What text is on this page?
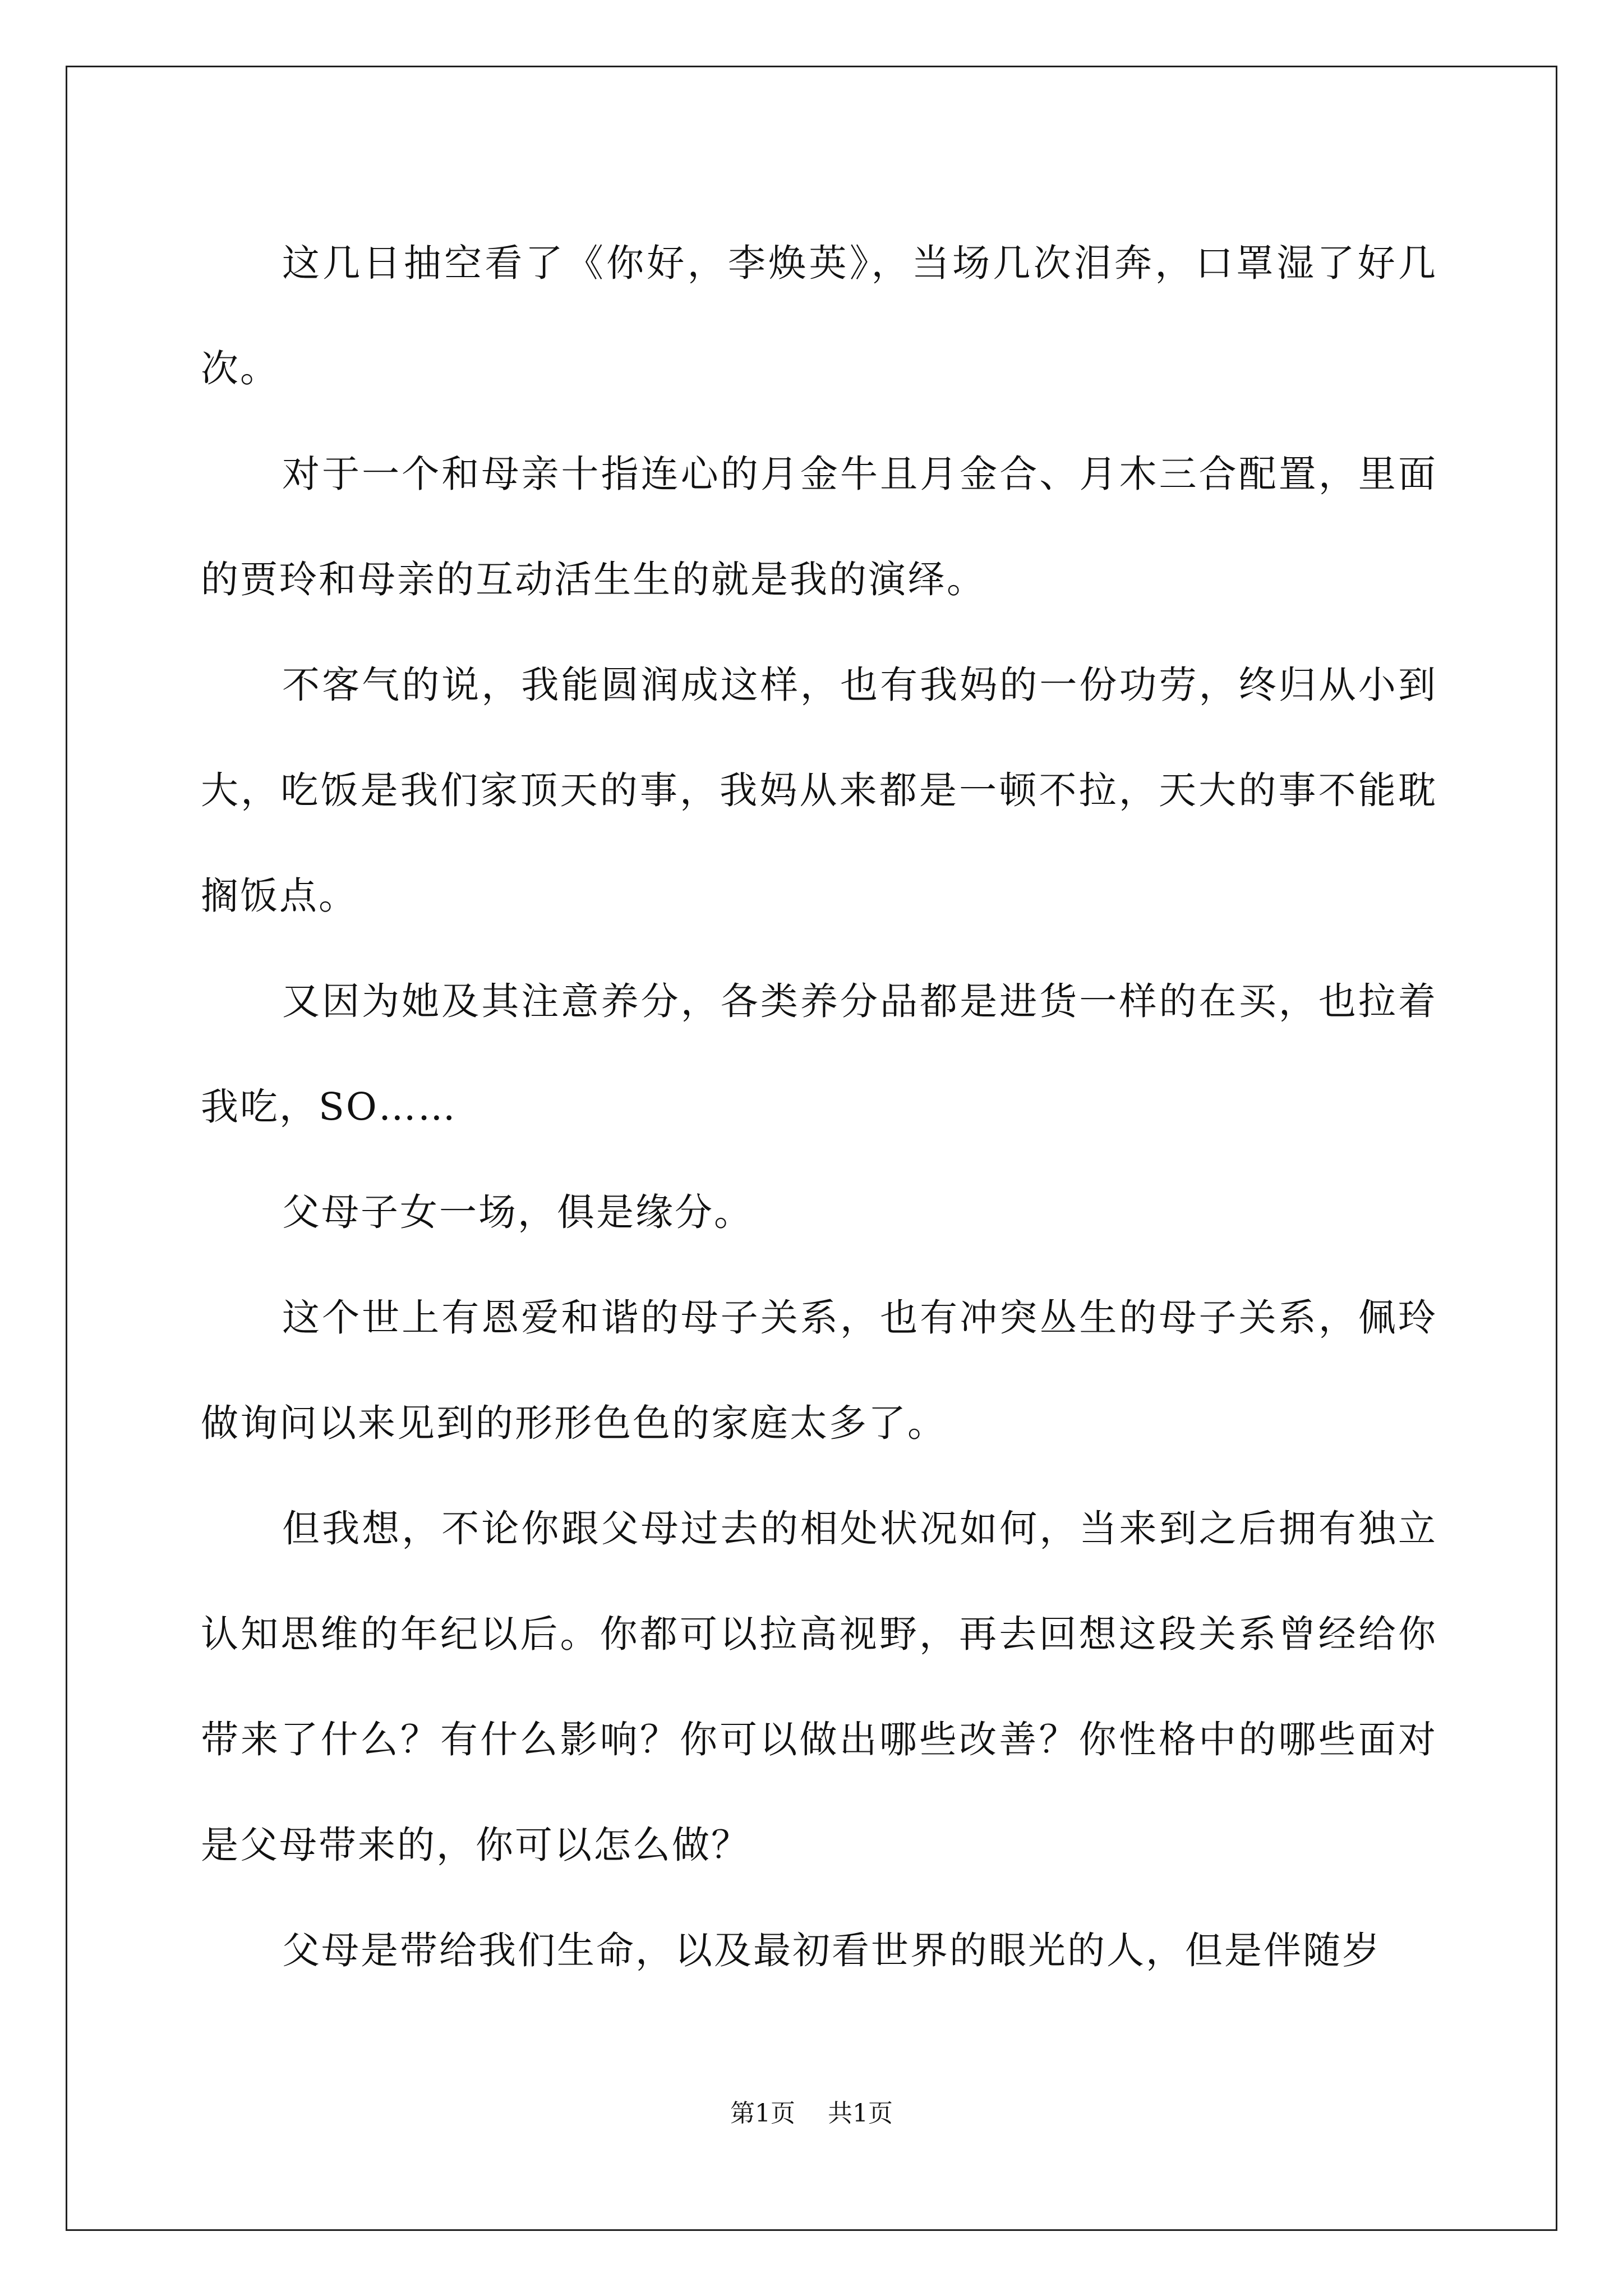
这几日抽空看了《你好，李焕英》，当场几次泪奔，口罩湿了好几次。

对于一个和母亲十指连心的月金牛且月金合、月木三合配置，里面的贾玲和母亲的互动活生生的就是我的演绎。

不客气的说，我能圆润成这样，也有我妈的一份功劳，终归从小到大，吃饭是我们家顶天的事，我妈从来都是一顿不拉，天大的事不能耽搁饭点。

又因为她及其注意养分，各类养分品都是进货一样的在买，也拉着我吃，SO……

父母子女一场，俱是缘分。

这个世上有恩爱和谐的母子关系，也有冲突丛生的母子关系，佩玲做询问以来见到的形形色色的家庭太多了。

但我想，不论你跟父母过去的相处状况如何，当来到之后拥有独立认知思维的年纪以后。你都可以拉高视野，再去回想这段关系曾经给你带来了什么？有什么影响？你可以做出哪些改善？你性格中的哪些面对是父母带来的，你可以怎么做？

父母是带给我们生命，以及最初看世界的眼光的人，但是伴随岁

第1页 共1页
